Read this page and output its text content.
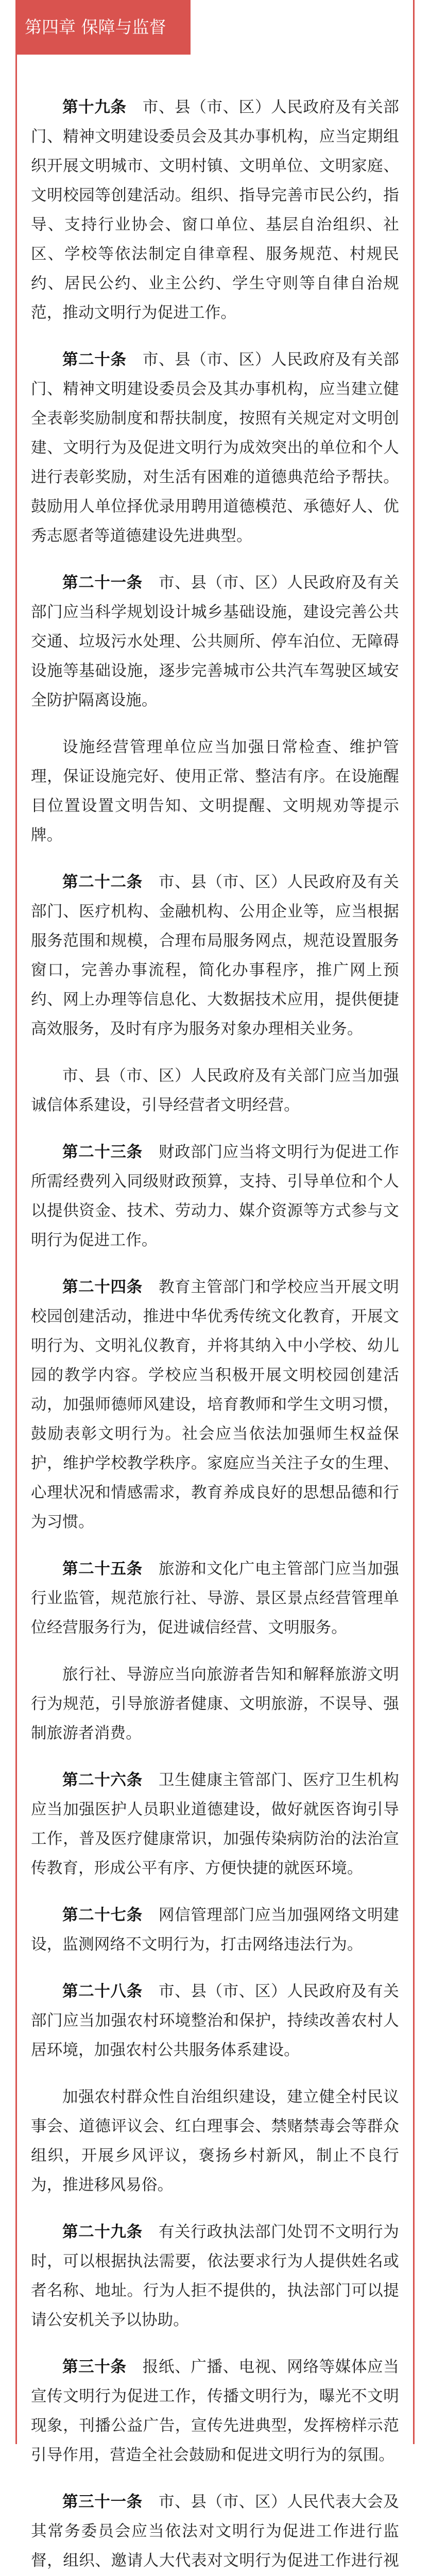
第四章 保障与监督

第十九条　 市、县（市、区）人民政府及有关部门、精神文明建设委员会及其办事机构，应当定期组织开展文明城市、文明村镇、文明单位、文明家庭、文明校园等创建活动。组织、指导完善市民公约，指导、支持行业协会、窗口单位、基层自治组织、社区、学校等依法制定自律章程、服务规范、村规民约、居民公约、业主公约、学生守则等自律自治规范，推动文明行为促进工作。

第二十条　 市、县（市、区）人民政府及有关部门、精神文明建设委员会及其办事机构，应当建立健全表彰奖励制度和帮扶制度，按照有关规定对文明创建、文明行为及促进文明行为成效突出的单位和个人进行表彰奖励，对生活有困难的道德典范给予帮扶。鼓励用人单位择优录用聘用道德模范、承德好人、优秀志愿者等道德建设先进典型。

第二十一条　 市、县（市、区）人民政府及有关部门应当科学规划设计城乡基础设施，建设完善公共交通、垃圾污水处理、公共厕所、停车泊位、无障碍设施等基础设施，逐步完善城市公共汽车驾驶区域安全防护隔离设施。

设施经营管理单位应当加强日常检查、维护管理，保证设施完好、使用正常、整洁有序。在设施醒目位置设置文明告知、文明提醒、文明规劝等提示牌。

第二十二条　 市、县（市、区）人民政府及有关部门、医疗机构、金融机构、公用企业等，应当根据服务范围和规模，合理布局服务网点，规范设置服务窗口，完善办事流程，简化办事程序，推广网上预约、网上办理等信息化、大数据技术应用，提供便捷高效服务，及时有序为服务对象办理相关业务。

市、县（市、区）人民政府及有关部门应当加强诚信体系建设，引导经营者文明经营。

第二十三条　 财政部门应当将文明行为促进工作所需经费列入同级财政预算，支持、引导单位和个人以提供资金、技术、劳动力、媒介资源等方式参与文明行为促进工作。

第二十四条　 教育主管部门和学校应当开展文明校园创建活动，推进中华优秀传统文化教育，开展文明行为、文明礼仪教育，并将其纳入中小学校、幼儿园的教学内容。学校应当积极开展文明校园创建活动，加强师德师风建设，培育教师和学生文明习惯，鼓励表彰文明行为。社会应当依法加强师生权益保护，维护学校教学秩序。家庭应当关注子女的生理、心理状况和情感需求，教育养成良好的思想品德和行为习惯。

第二十五条　 旅游和文化广电主管部门应当加强行业监管，规范旅行社、导游、景区景点经营管理单位经营服务行为，促进诚信经营、文明服务。

旅行社、导游应当向旅游者告知和解释旅游文明行为规范，引导旅游者健康、文明旅游，不误导、强制旅游者消费。

第二十六条　 卫生健康主管部门、医疗卫生机构应当加强医护人员职业道德建设，做好就医咨询引导工作，普及医疗健康常识，加强传染病防治的法治宣传教育，形成公平有序、方便快捷的就医环境。

第二十七条　 网信管理部门应当加强网络文明建设，监测网络不文明行为，打击网络违法行为。

第二十八条　 市、县（市、区）人民政府及有关部门应当加强农村环境整治和保护，持续改善农村人居环境，加强农村公共服务体系建设。

加强农村群众性自治组织建设，建立健全村民议事会、道德评议会、红白理事会、禁赌禁毒会等群众组织，开展乡风评议，褒扬乡村新风，制止不良行为，推进移风易俗。

第二十九条　 有关行政执法部门处罚不文明行为时，可以根据执法需要，依法要求行为人提供姓名或者名称、地址。行为人拒不提供的，执法部门可以提请公安机关予以协助。

第三十条　 报纸、广播、电视、网络等媒体应当宣传文明行为促进工作，传播文明行为，曝光不文明现象，刊播公益广告，宣传先进典型，发挥榜样示范引导作用，营造全社会鼓励和促进文明行为的氛围。

第三十一条　 市、县（市、区）人民代表大会及其常务委员会应当依法对文明行为促进工作进行监督，组织、邀请人大代表对文明行为促进工作进行视
